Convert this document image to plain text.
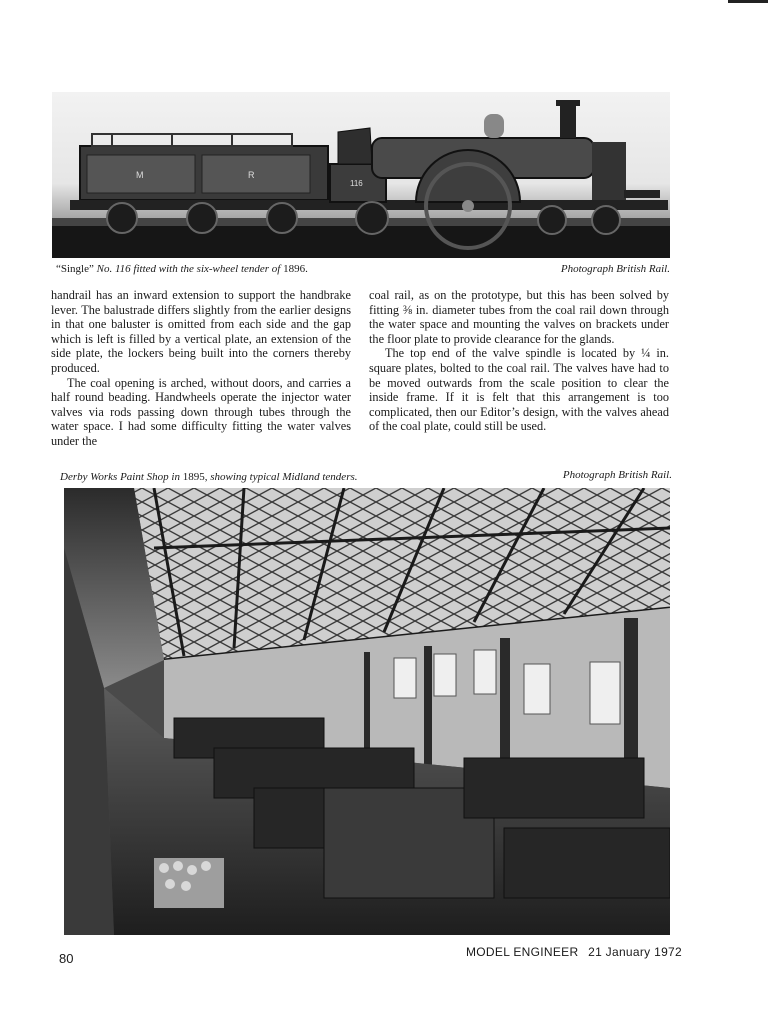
M	R
116
“Single” No. 116 fitted with the six-wheel tender of 1896.	Photograph British Rail.

handrail has an inward extension to support the handbrake lever. The balustrade differs slightly from the earlier designs in that one baluster is omitted from each side and the gap which is left is filled by a vertical plate, an extension of the side plate, the lockers being built into the corners thereby produced.

The coal opening is arched, without doors, and carries a half round beading. Handwheels operate the injector water valves via rods passing down through tubes through the water space. I had some difficulty fitting the water valves under the

coal rail, as on the prototype, but this has been solved by fitting ⅜ in. diameter tubes from the coal rail down through the water space and mounting the valves on brackets under the floor plate to provide clearance for the glands.

The top end of the valve spindle is located by ¼ in. square plates, bolted to the coal rail. The valves have had to be moved outwards from the scale position to clear the inside frame. If it is felt that this arrangement is too complicated, then our Editor’s design, with the valves ahead of the coal plate, could still be used.

Derby Works Paint Shop in 1895, showing typical Midland tenders.	Photograph British Rail.
80	MODEL ENGINEER 21 January 1972
